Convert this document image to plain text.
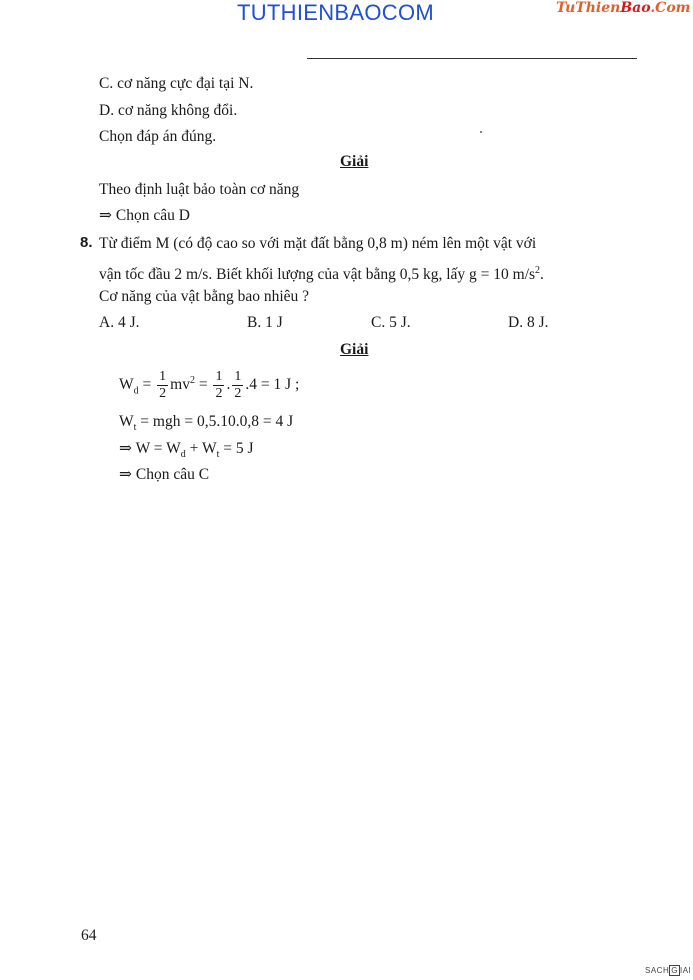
TUTHIENBAOCOM	TuThienBao.Com
C. cơ năng cực đại tại N.
D. cơ năng không đổi.
Chọn đáp án đúng.
Giải
Theo định luật bảo toàn cơ năng
⇒ Chọn câu D
8. Từ điểm M (có độ cao so với mặt đất bằng 0,8 m) ném lên một vật với
vận tốc đầu 2 m/s. Biết khối lượng của vật bằng 0,5 kg, lấy g = 10 $m/s^2$.
Cơ năng của vật bằng bao nhiêu ?
A. 4 J.	B. 1 J	C. 5 J.	D. 8 J.
Giải
$W_d = \frac{1}{2} mv^2 = \frac{1}{2}$ . $\frac{1}{2} .4 = 1$ J ;
$W_t$ = mgh = 0,5.10.0,8 = 4 J
⇒ $W = W_d + W_t = 5$ J
⇒ Chọn câu C
64
SACH G IAI
